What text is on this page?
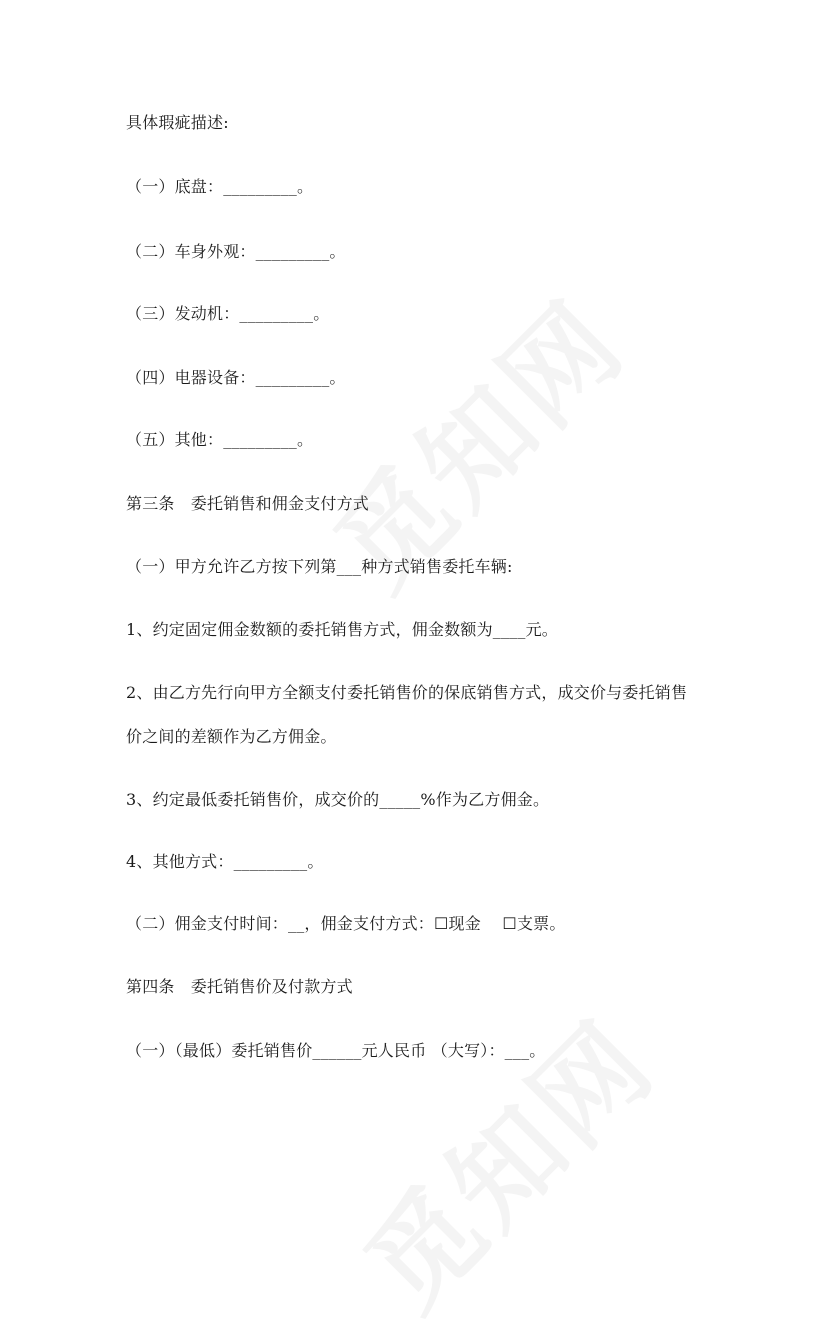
具体瑕疵描述:
（一）底盘：_________。
（二）车身外观：_________。
（三）发动机：_________。
（四）电器设备：_________。
（五）其他：_________。
第三条　委托销售和佣金支付方式
（一）甲方允许乙方按下列第___种方式销售委托车辆:
1、约定固定佣金数额的委托销售方式，佣金数额为____元。
2、由乙方先行向甲方全额支付委托销售价的保底销售方式，成交价与委托销售
价之间的差额作为乙方佣金。
3、约定最低委托销售价，成交价的_____%作为乙方佣金。
4、其他方式：_________。
（二）佣金支付时间：__，佣金支付方式：☐现金　 ☐支票。
第四条　委托销售价及付款方式
（一）（最低）委托销售价______元人民币 （大写）：___。
